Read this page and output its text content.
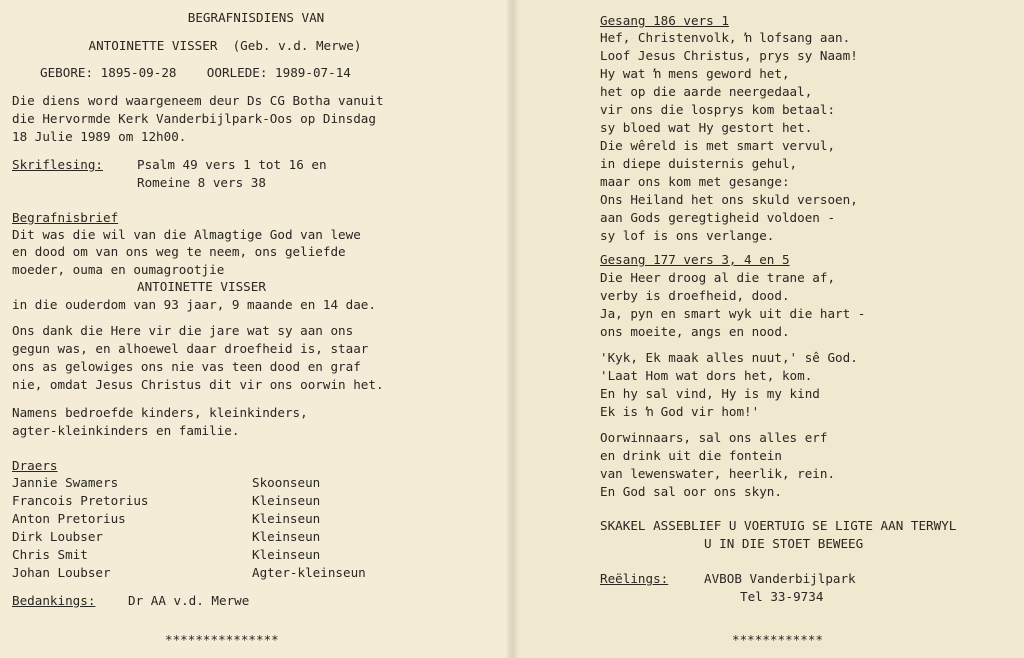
BEGRAFNISDIENS VAN
ANTOINETTE VISSER  (Geb. v.d. Merwe)
GEBORE: 1895-09-28    OORLEDE: 1989-07-14
Die diens word waargeneem deur Ds CG Botha vanuit
die Hervormde Kerk Vanderbijlpark-Oos op Dinsdag
18 Julie 1989 om 12h00.
Skriflesing:	Psalm 49 vers 1 tot 16 en
Romeine 8 vers 38
Begrafnisbrief
Dit was die wil van die Almagtige God van lewe
en dood om van ons weg te neem, ons geliefde
moeder, ouma en oumagrootjie
ANTOINETTE VISSER
in die ouderdom van 93 jaar, 9 maande en 14 dae.
Ons dank die Here vir die jare wat sy aan ons
gegun was, en alhoewel daar droefheid is, staar
ons as gelowiges ons nie vas teen dood en graf
nie, omdat Jesus Christus dit vir ons oorwin het.
Namens bedroefde kinders, kleinkinders,
agter-kleinkinders en familie.
Draers
Jannie Swamers	Skoonseun
Francois Pretorius	Kleinseun
Anton Pretorius	Kleinseun
Dirk Loubser	Kleinseun
Chris Smit	Kleinseun
Johan Loubser	Agter-kleinseun
Bedankings:	Dr AA v.d. Merwe
***************
Gesang 186 vers 1
Hef, Christenvolk, ŉ lofsang aan.
Loof Jesus Christus, prys sy Naam!
Hy wat ŉ mens geword het,
het op die aarde neergedaal,
vir ons die losprys kom betaal:
sy bloed wat Hy gestort het.
Die wêreld is met smart vervul,
in diepe duisternis gehul,
maar ons kom met gesange:
Ons Heiland het ons skuld versoen,
aan Gods geregtigheid voldoen -
sy lof is ons verlange.
Gesang 177 vers 3, 4 en 5
Die Heer droog al die trane af,
verby is droefheid, dood.
Ja, pyn en smart wyk uit die hart -
ons moeite, angs en nood.
'Kyk, Ek maak alles nuut,' sê God.
'Laat Hom wat dors het, kom.
En hy sal vind, Hy is my kind
Ek is ŉ God vir hom!'
Oorwinnaars, sal ons alles erf
en drink uit die fontein
van lewenswater, heerlik, rein.
En God sal oor ons skyn.
SKAKEL ASSEBLIEF U VOERTUIG SE LIGTE AAN TERWYL
U IN DIE STOET BEWEEG
Reëlings:	AVBOB Vanderbijlpark
Tel 33-9734
************
